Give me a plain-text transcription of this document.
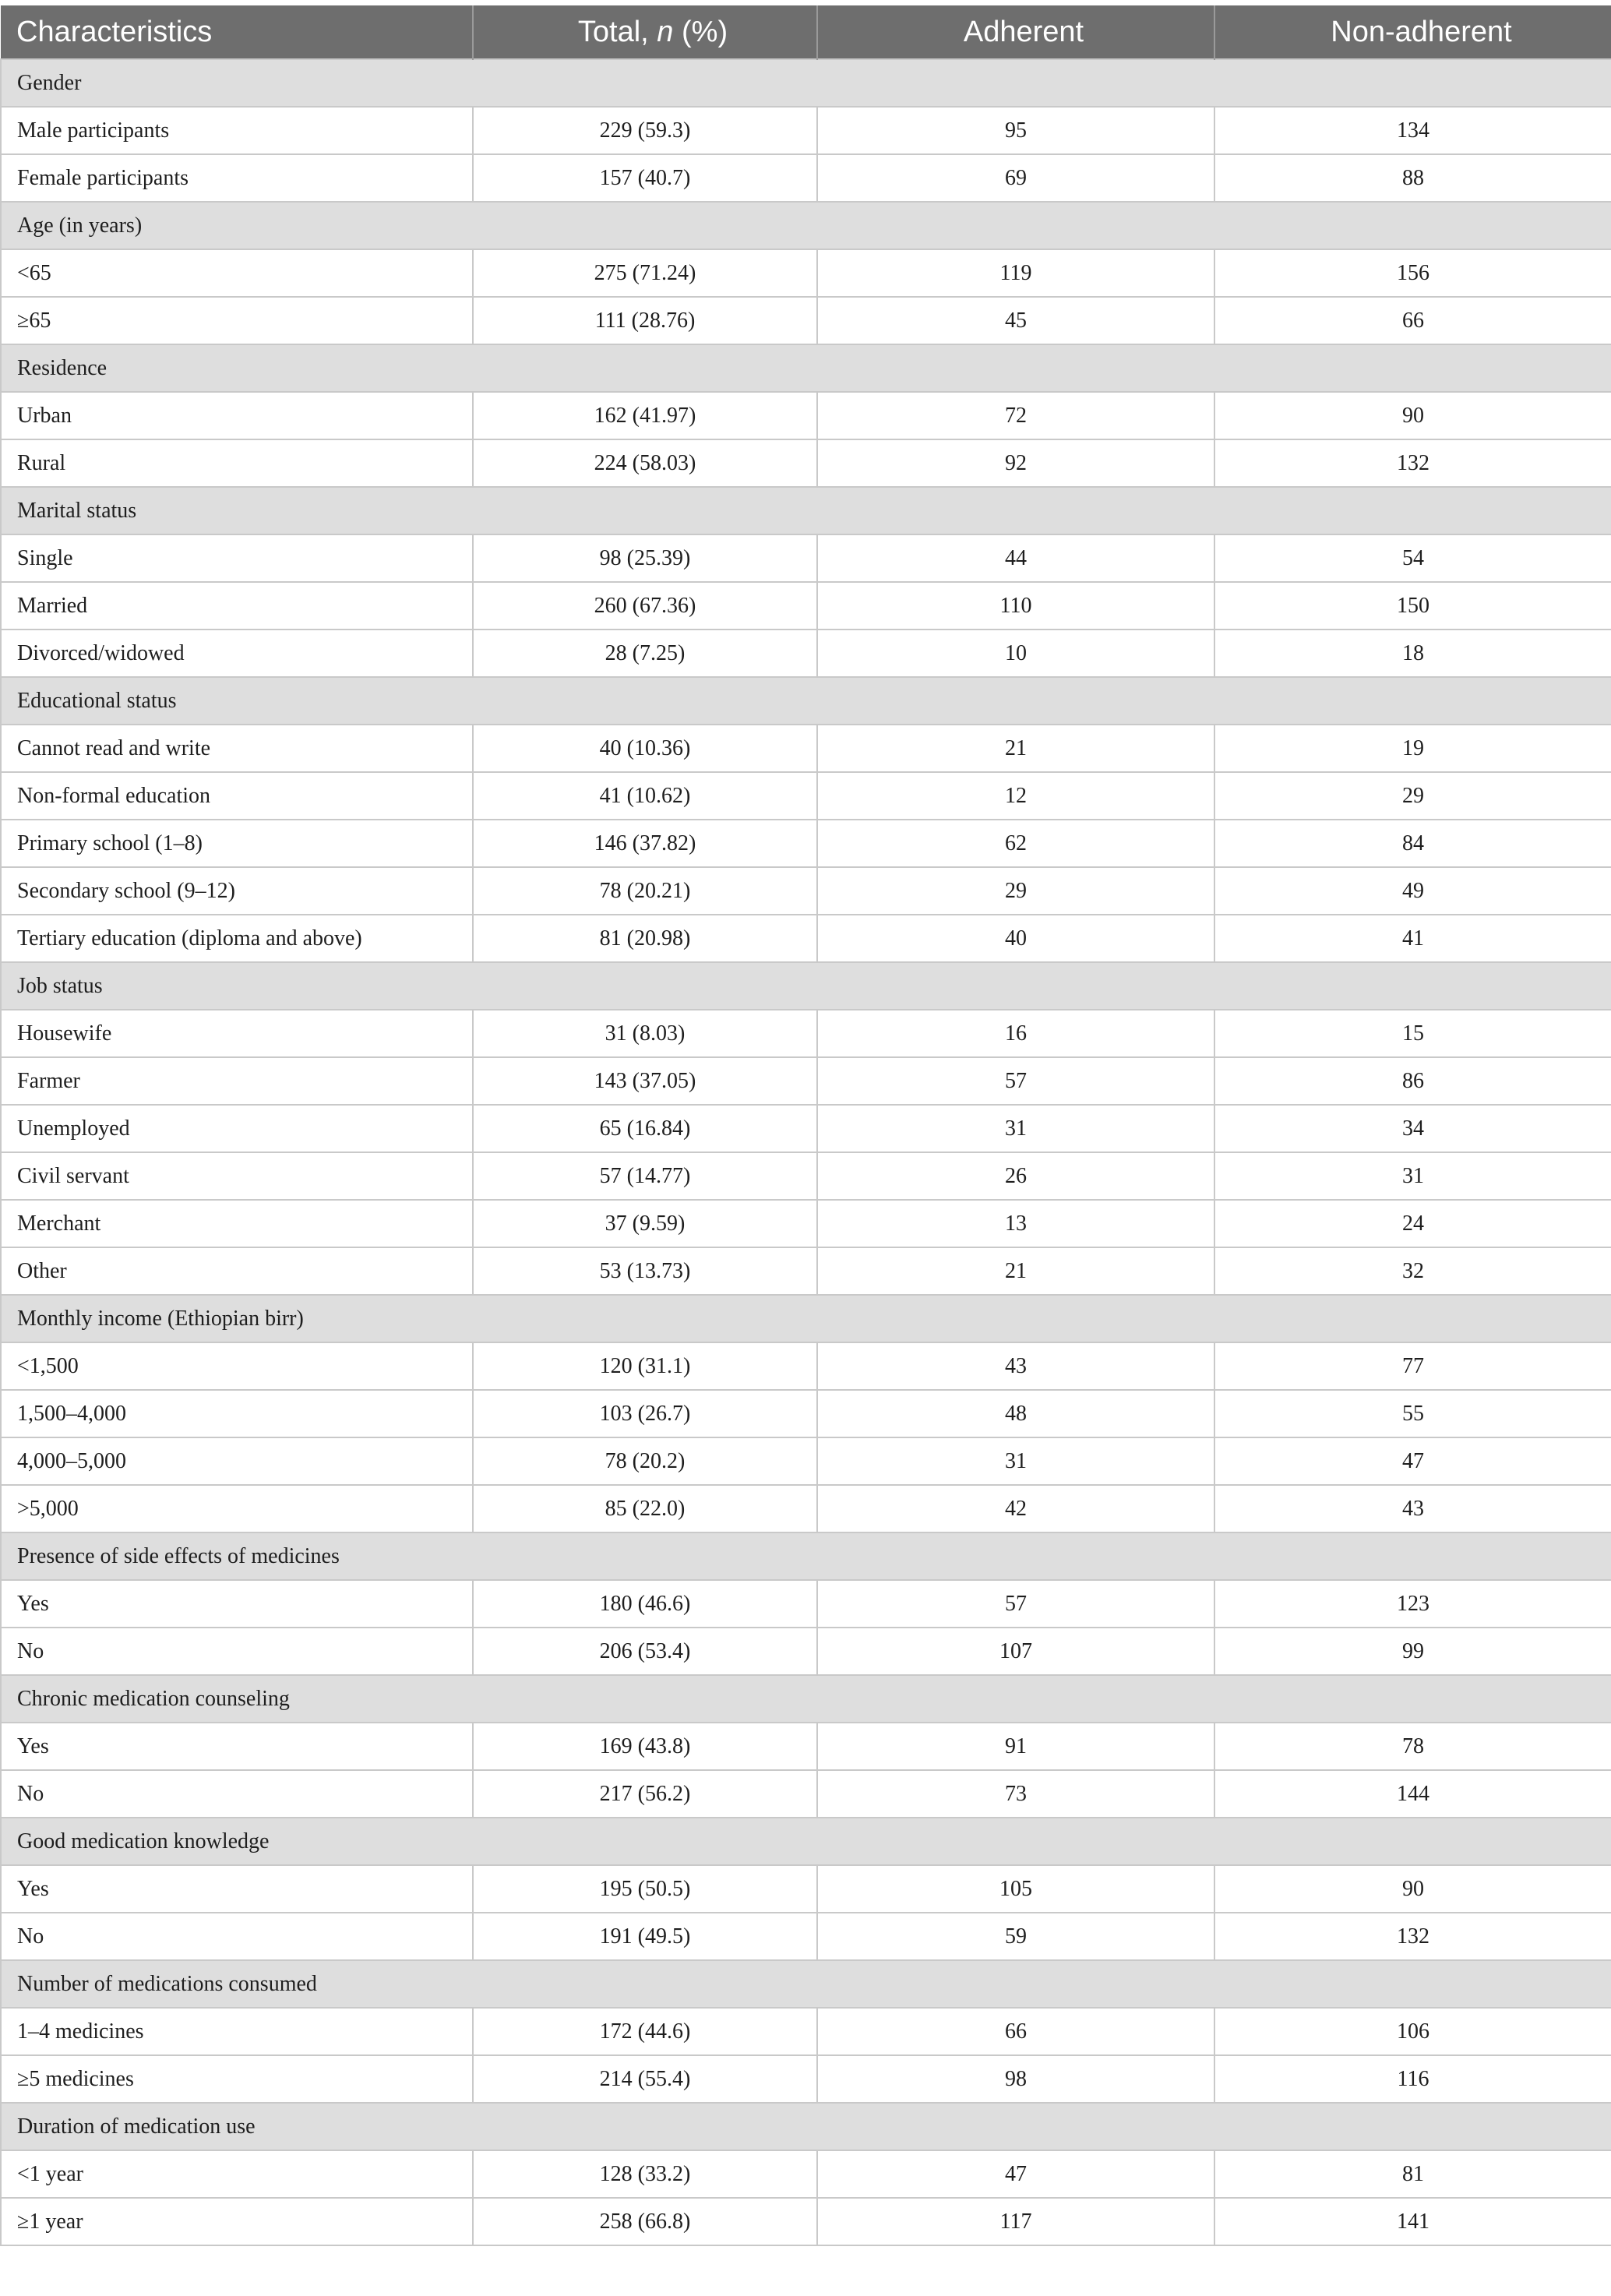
Characteristics	Total, n (%)	Adherent	Non-adherent
Gender			
Male participants	229 (59.3)	95	134
Female participants	157 (40.7)	69	88
Age (in years)			
<65	275 (71.24)	119	156
≥65	111 (28.76)	45	66
Residence			
Urban	162 (41.97)	72	90
Rural	224 (58.03)	92	132
Marital status			
Single	98 (25.39)	44	54
Married	260 (67.36)	110	150
Divorced/widowed	28 (7.25)	10	18
Educational status			
Cannot read and write	40 (10.36)	21	19
Non-formal education	41 (10.62)	12	29
Primary school (1–8)	146 (37.82)	62	84
Secondary school (9–12)	78 (20.21)	29	49
Tertiary education (diploma and above)	81 (20.98)	40	41
Job status			
Housewife	31 (8.03)	16	15
Farmer	143 (37.05)	57	86
Unemployed	65 (16.84)	31	34
Civil servant	57 (14.77)	26	31
Merchant	37 (9.59)	13	24
Other	53 (13.73)	21	32
Monthly income (Ethiopian birr)			
<1,500	120 (31.1)	43	77
1,500–4,000	103 (26.7)	48	55
4,000–5,000	78 (20.2)	31	47
>5,000	85 (22.0)	42	43
Presence of side effects of medicines			
Yes	180 (46.6)	57	123
No	206 (53.4)	107	99
Chronic medication counseling			
Yes	169 (43.8)	91	78
No	217 (56.2)	73	144
Good medication knowledge			
Yes	195 (50.5)	105	90
No	191 (49.5)	59	132
Number of medications consumed			
1–4 medicines	172 (44.6)	66	106
≥5 medicines	214 (55.4)	98	116
Duration of medication use			
<1 year	128 (33.2)	47	81
≥1 year	258 (66.8)	117	141
